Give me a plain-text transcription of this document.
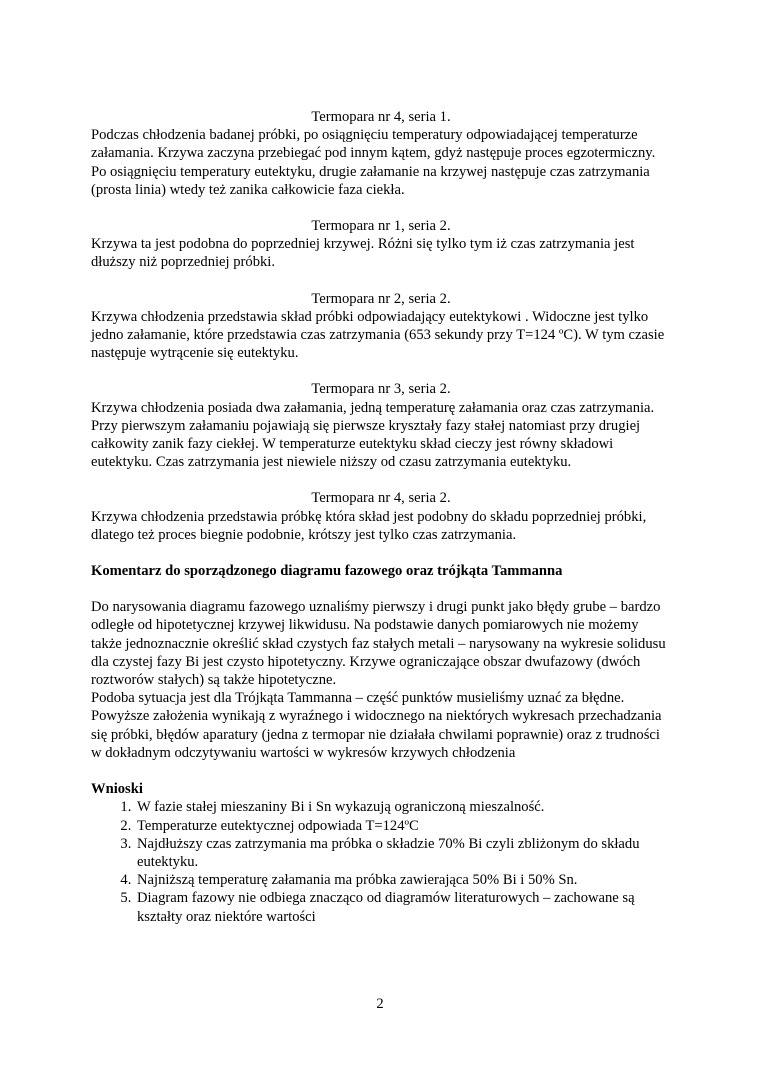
Termopara nr 4, seria 1.

Podczas chłodzenia badanej próbki, po osiągnięciu temperatury odpowiadającej temperaturze załamania. Krzywa zaczyna przebiegać pod innym kątem, gdyż następuje proces egzotermiczny. Po osiągnięciu temperatury eutektyku, drugie załamanie na krzywej następuje czas zatrzymania (prosta linia) wtedy też zanika całkowicie faza ciekła.

Termopara nr 1, seria 2.

Krzywa ta jest podobna do poprzedniej krzywej. Różni się tylko tym iż czas zatrzymania jest dłuższy niż poprzedniej próbki.

Termopara nr 2, seria 2.

Krzywa chłodzenia przedstawia skład próbki odpowiadający eutektykowi . Widoczne jest tylko jedno załamanie, które przedstawia czas zatrzymania (653 sekundy przy T=124 ºC). W tym czasie następuje wytrącenie się eutektyku.

Termopara nr 3, seria 2.

Krzywa chłodzenia posiada dwa załamania, jedną temperaturę załamania oraz czas zatrzymania. Przy pierwszym załamaniu pojawiają się pierwsze kryształy fazy stałej natomiast przy drugiej całkowity zanik fazy ciekłej. W temperaturze eutektyku skład cieczy jest równy składowi eutektyku. Czas zatrzymania jest niewiele niższy od czasu zatrzymania eutektyku.

Termopara nr 4, seria 2.

Krzywa chłodzenia przedstawia próbkę która skład jest podobny do składu poprzedniej próbki, dlatego też proces biegnie podobnie, krótszy jest tylko czas zatrzymania.

Komentarz do sporządzonego diagramu fazowego oraz trójkąta Tammanna

Do narysowania diagramu fazowego uznaliśmy pierwszy i drugi punkt jako błędy grube – bardzo odległe od hipotetycznej krzywej likwidusu. Na podstawie danych pomiarowych nie możemy także jednoznacznie określić skład czystych faz stałych metali – narysowany na wykresie solidusu dla czystej fazy Bi jest czysto hipotetyczny. Krzywe ograniczające obszar dwufazowy (dwóch roztworów stałych) są także hipotetyczne.

Podoba sytuacja jest dla Trójkąta Tammanna – część punktów musieliśmy uznać za błędne. Powyższe założenia wynikają z wyraźnego i widocznego na niektórych wykresach przechadzania się próbki, błędów aparatury (jedna z termopar nie działała chwilami poprawnie) oraz z trudności w dokładnym odczytywaniu wartości w wykresów krzywych chłodzenia

Wnioski

1. W fazie stałej mieszaniny Bi i Sn wykazują ograniczoną mieszalność.
2. Temperaturze eutektycznej odpowiada T=124ºC
3. Najdłuższy czas zatrzymania ma próbka o składzie 70% Bi czyli zbliżonym do składu eutektyku.
4. Najniższą temperaturę załamania ma próbka zawierająca 50% Bi i 50% Sn.
5. Diagram fazowy nie odbiega znacząco od diagramów literaturowych – zachowane są kształty oraz niektóre wartości
2
